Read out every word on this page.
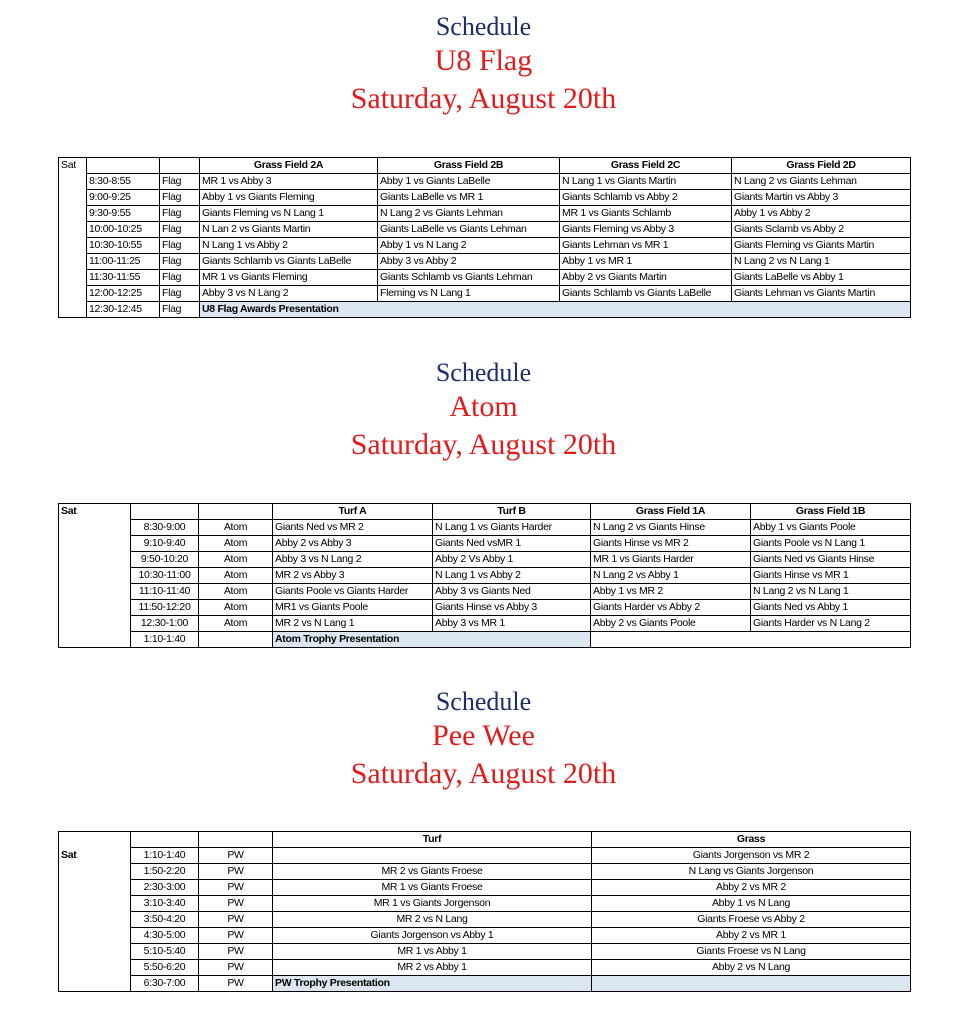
Schedule
U8 Flag
Saturday, August 20th
Sat			Grass Field 2A	Grass Field 2B	Grass Field 2C	Grass Field 2D
	8:30-8:55	Flag	MR 1 vs Abby 3	Abby 1 vs Giants LaBelle	N Lang 1 vs Giants Martin	N Lang 2 vs Giants Lehman
	9:00-9:25	Flag	Abby 1 vs Giants Fleming	Giants LaBelle vs MR 1	Giants Schlamb vs Abby 2	Giants Martin vs Abby 3
	9:30-9:55	Flag	Giants Fleming vs N Lang 1	N Lang 2 vs Giants Lehman	MR 1 vs Giants Schlamb	Abby 1 vs Abby 2
	10:00-10:25	Flag	N Lan 2 vs Giants Martin	Giants LaBelle vs Giants Lehman	Giants Fleming vs Abby 3	Giants Sclamb vs Abby 2
	10:30-10:55	Flag	N Lang 1 vs Abby 2	Abby 1 vs N Lang 2	Giants Lehman vs MR 1	Giants Fleming vs Giants Martin
	11:00-11:25	Flag	Giants Schlamb vs Giants LaBelle	Abby 3 vs Abby 2	Abby 1 vs MR 1	N Lang 2 vs N Lang 1
	11:30-11:55	Flag	MR 1 vs Giants Fleming	Giants Schlamb vs Giants Lehman	Abby 2 vs Giants Martin	Giants LaBelle vs Abby 1
	12:00-12:25	Flag	Abby 3 vs N Lang 2	Fleming vs N Lang 1	Giants Schlamb vs Giants LaBelle	Giants Lehman vs Giants Martin
	12:30-12:45	Flag	U8 Flag Awards Presentation			
Schedule
Atom
Saturday, August 20th
Sat			Turf A	Turf B	Grass Field 1A	Grass Field 1B
	8:30-9:00	Atom	Giants Ned vs MR 2	N Lang 1 vs Giants Harder	N Lang 2 vs Giants Hinse	Abby 1 vs Giants Poole
	9:10-9:40	Atom	Abby 2 vs Abby 3	Giants Ned vsMR 1	Giants Hinse vs MR 2	Giants Poole vs N Lang 1
	9:50-10:20	Atom	Abby 3 vs N Lang 2	Abby 2 Vs Abby 1	MR 1 vs Giants Harder	Giants Ned vs Giants Hinse
	10:30-11:00	Atom	MR 2 vs Abby 3	N Lang 1 vs Abby 2	N Lang 2 vs Abby 1	Giants Hinse vs MR 1
	11:10-11:40	Atom	Giants Poole vs Giants Harder	Abby 3 vs Giants Ned	Abby 1 vs MR 2	N Lang 2 vs N Lang 1
	11:50-12:20	Atom	MR1 vs Giants Poole	Giants Hinse vs Abby 3	Giants Harder vs Abby 2	Giants Ned vs Abby 1
	12:30-1:00	Atom	MR 2 vs N Lang 1	Abby 3 vs MR 1	Abby 2 vs Giants Poole	Giants Harder vs N Lang 2
	1:10-1:40		Atom Trophy Presentation			
Schedule
Pee Wee
Saturday, August 20th
			Turf	Grass
Sat	1:10-1:40	PW		Giants Jorgenson vs MR 2
	1:50-2:20	PW	MR 2 vs Giants Froese	N Lang vs Giants Jorgenson
	2:30-3:00	PW	MR 1 vs Giants Froese	Abby 2 vs MR 2
	3:10-3:40	PW	MR 1 vs Giants Jorgenson	Abby 1 vs N Lang
	3:50-4:20	PW	MR 2 vs N Lang	Giants Froese vs Abby 2
	4:30-5:00	PW	Giants Jorgenson vs Abby 1	Abby 2 vs MR 1
	5:10-5:40	PW	MR 1 vs Abby 1	Giants Froese vs N Lang
	5:50-6:20	PW	MR 2 vs Abby 1	Abby 2 vs N Lang
	6:30-7:00	PW	PW Trophy Presentation	
